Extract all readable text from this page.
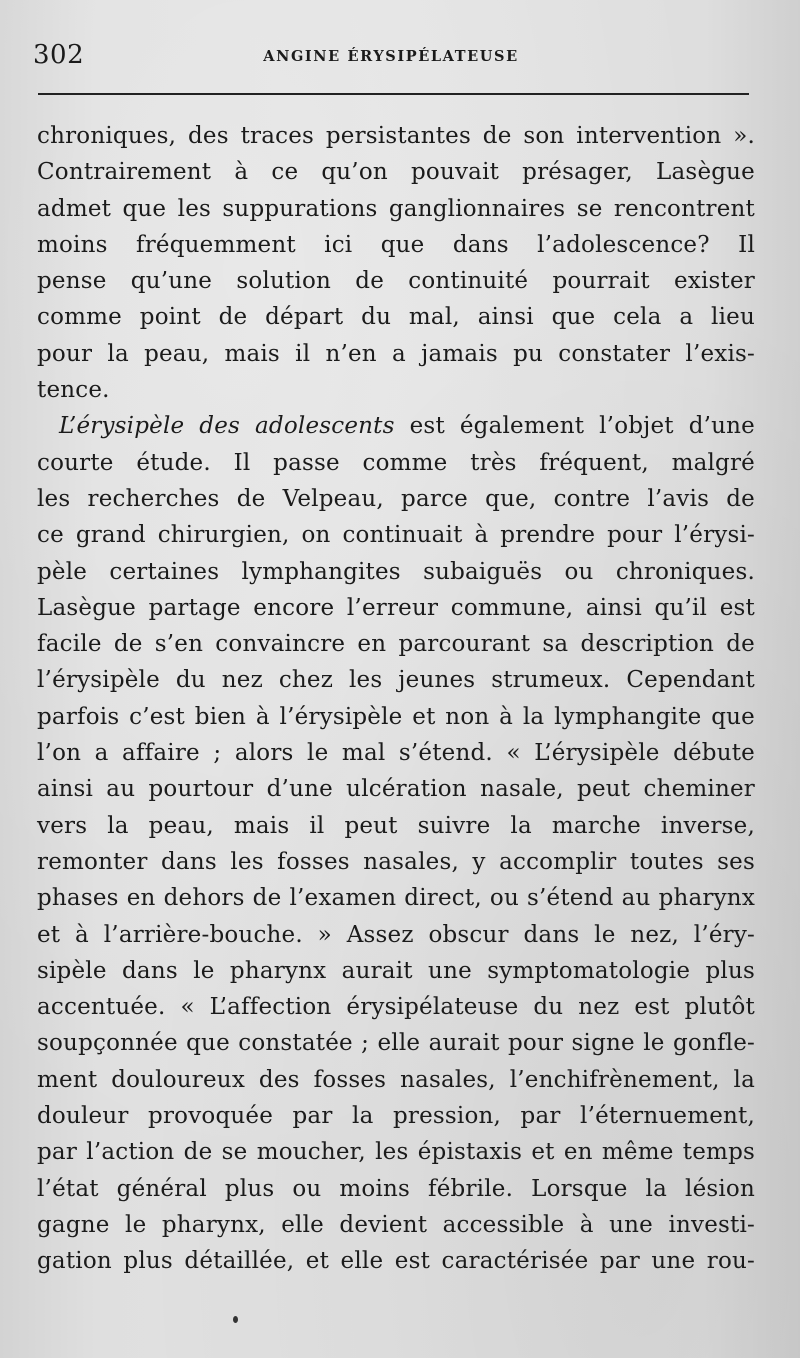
302	ANGINE ÉRYSIPÉLATEUSE
chroniques, des traces persistantes de son intervention ».
Contrairement à ce qu’on pouvait présager, Lasègue
admet que les suppurations ganglionnaires se rencontrent
moins fréquemment ici que dans l’adolescence? Il
pense qu’une solution de continuité pourrait exister
comme point de départ du mal, ainsi que cela a lieu
pour la peau, mais il n’en a jamais pu constater l’exis-
tence.
L’érysipèle des adolescents est également l’objet d’une
courte étude. Il passe comme très fréquent, malgré
les recherches de Velpeau, parce que, contre l’avis de
ce grand chirurgien, on continuait à prendre pour l’érysi-
pèle certaines lymphangites subaiguës ou chroniques.
Lasègue partage encore l’erreur commune, ainsi qu’il est
facile de s’en convaincre en parcourant sa description de
l’érysipèle du nez chez les jeunes strumeux. Cependant
parfois c’est bien à l’érysipèle et non à la lymphangite que
l’on a affaire ; alors le mal s’étend. « L’érysipèle débute
ainsi au pourtour d’une ulcération nasale, peut cheminer
vers la peau, mais il peut suivre la marche inverse,
remonter dans les fosses nasales, y accomplir toutes ses
phases en dehors de l’examen direct, ou s’étend au pharynx
et à l’arrière-bouche. » Assez obscur dans le nez, l’éry-
sipèle dans le pharynx aurait une symptomatologie plus
accentuée. « L’affection érysipélateuse du nez est plutôt
soupçonnée que constatée ; elle aurait pour signe le gonfle-
ment douloureux des fosses nasales, l’enchifrènement, la
douleur provoquée par la pression, par l’éternuement,
par l’action de se moucher, les épistaxis et en même temps
l’état général plus ou moins fébrile. Lorsque la lésion
gagne le pharynx, elle devient accessible à une investi-
gation plus détaillée, et elle est caractérisée par une rou-
